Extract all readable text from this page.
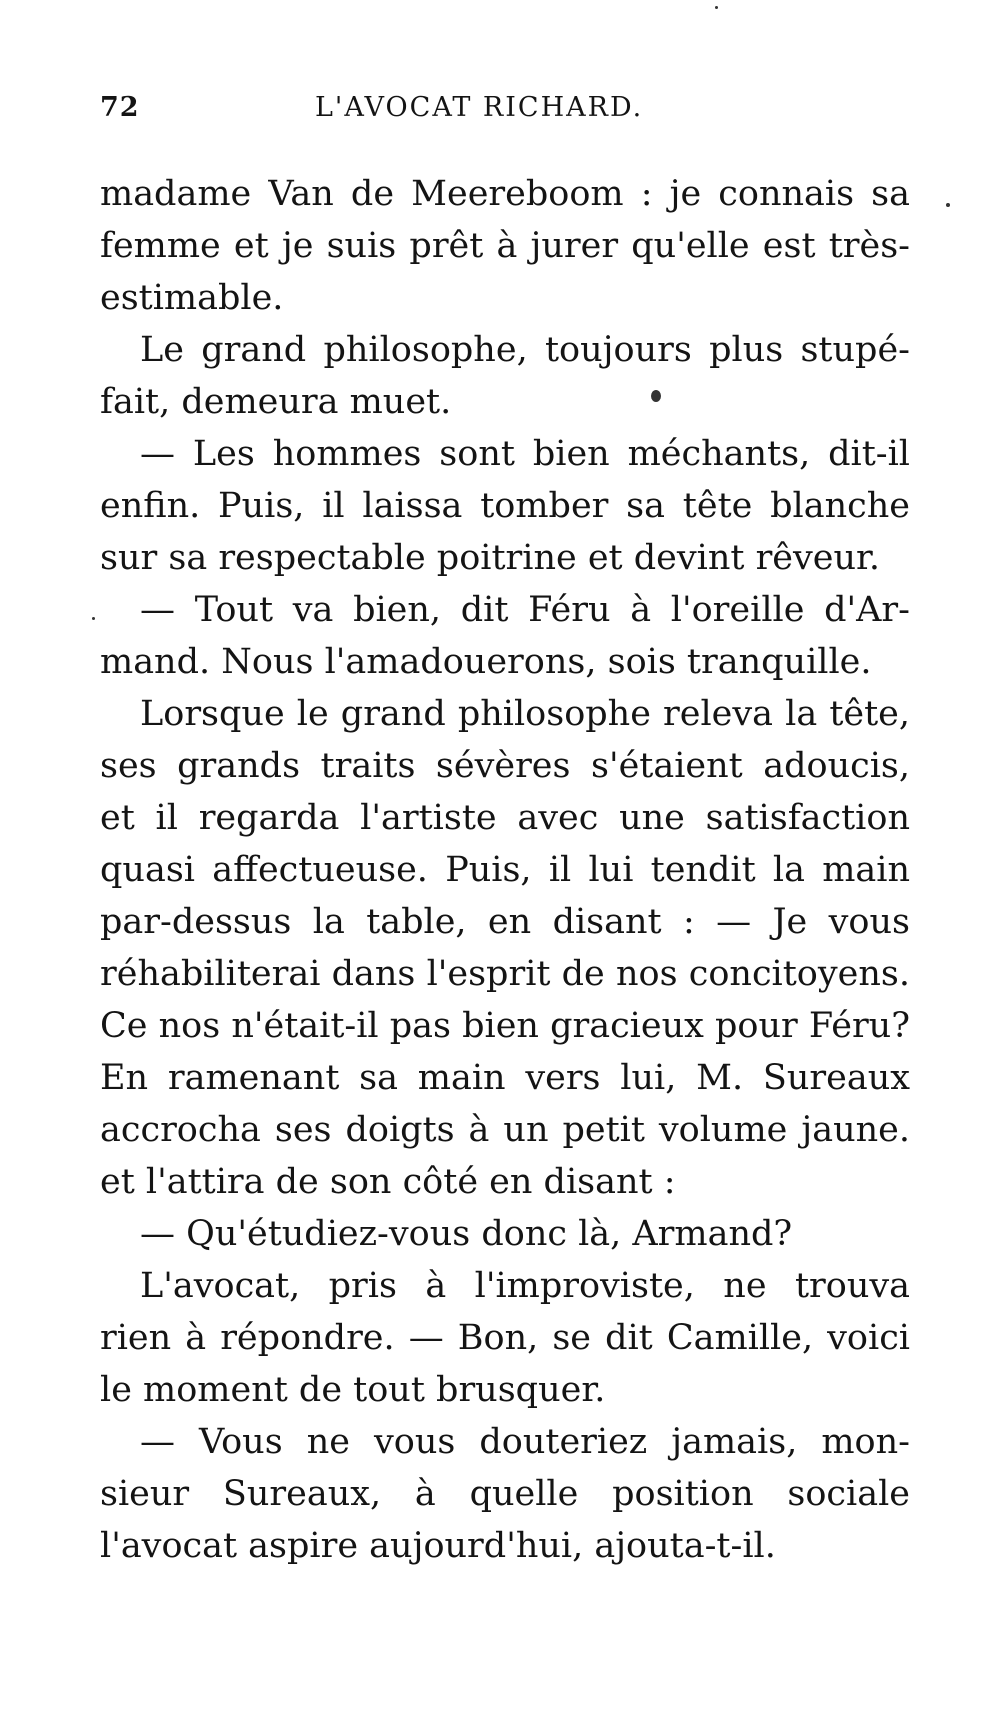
72	L'AVOCAT RICHARD.
madame Van de Meereboom : je connais sa
femme et je suis prêt à jurer qu'elle est très-
estimable.
Le grand philosophe, toujours plus stupé-
fait, demeura muet.
— Les hommes sont bien méchants, dit-il
enfin. Puis, il laissa tomber sa tête blanche
sur sa respectable poitrine et devint rêveur.
— Tout va bien, dit Féru à l'oreille d'Ar-
mand. Nous l'amadouerons, sois tranquille.
Lorsque le grand philosophe releva la tête,
ses grands traits sévères s'étaient adoucis,
et il regarda l'artiste avec une satisfaction
quasi affectueuse. Puis, il lui tendit la main
par-dessus la table, en disant : — Je vous
réhabiliterai dans l'esprit de nos concitoyens.
Ce nos n'était-il pas bien gracieux pour Féru?
En ramenant sa main vers lui, M. Sureaux
accrocha ses doigts à un petit volume jaune.
et l'attira de son côté en disant :
— Qu'étudiez-vous donc là, Armand?
L'avocat, pris à l'improviste, ne trouva
rien à répondre. — Bon, se dit Camille, voici
le moment de tout brusquer.
— Vous ne vous douteriez jamais, mon-
sieur Sureaux, à quelle position sociale
l'avocat aspire aujourd'hui, ajouta-t-il.
